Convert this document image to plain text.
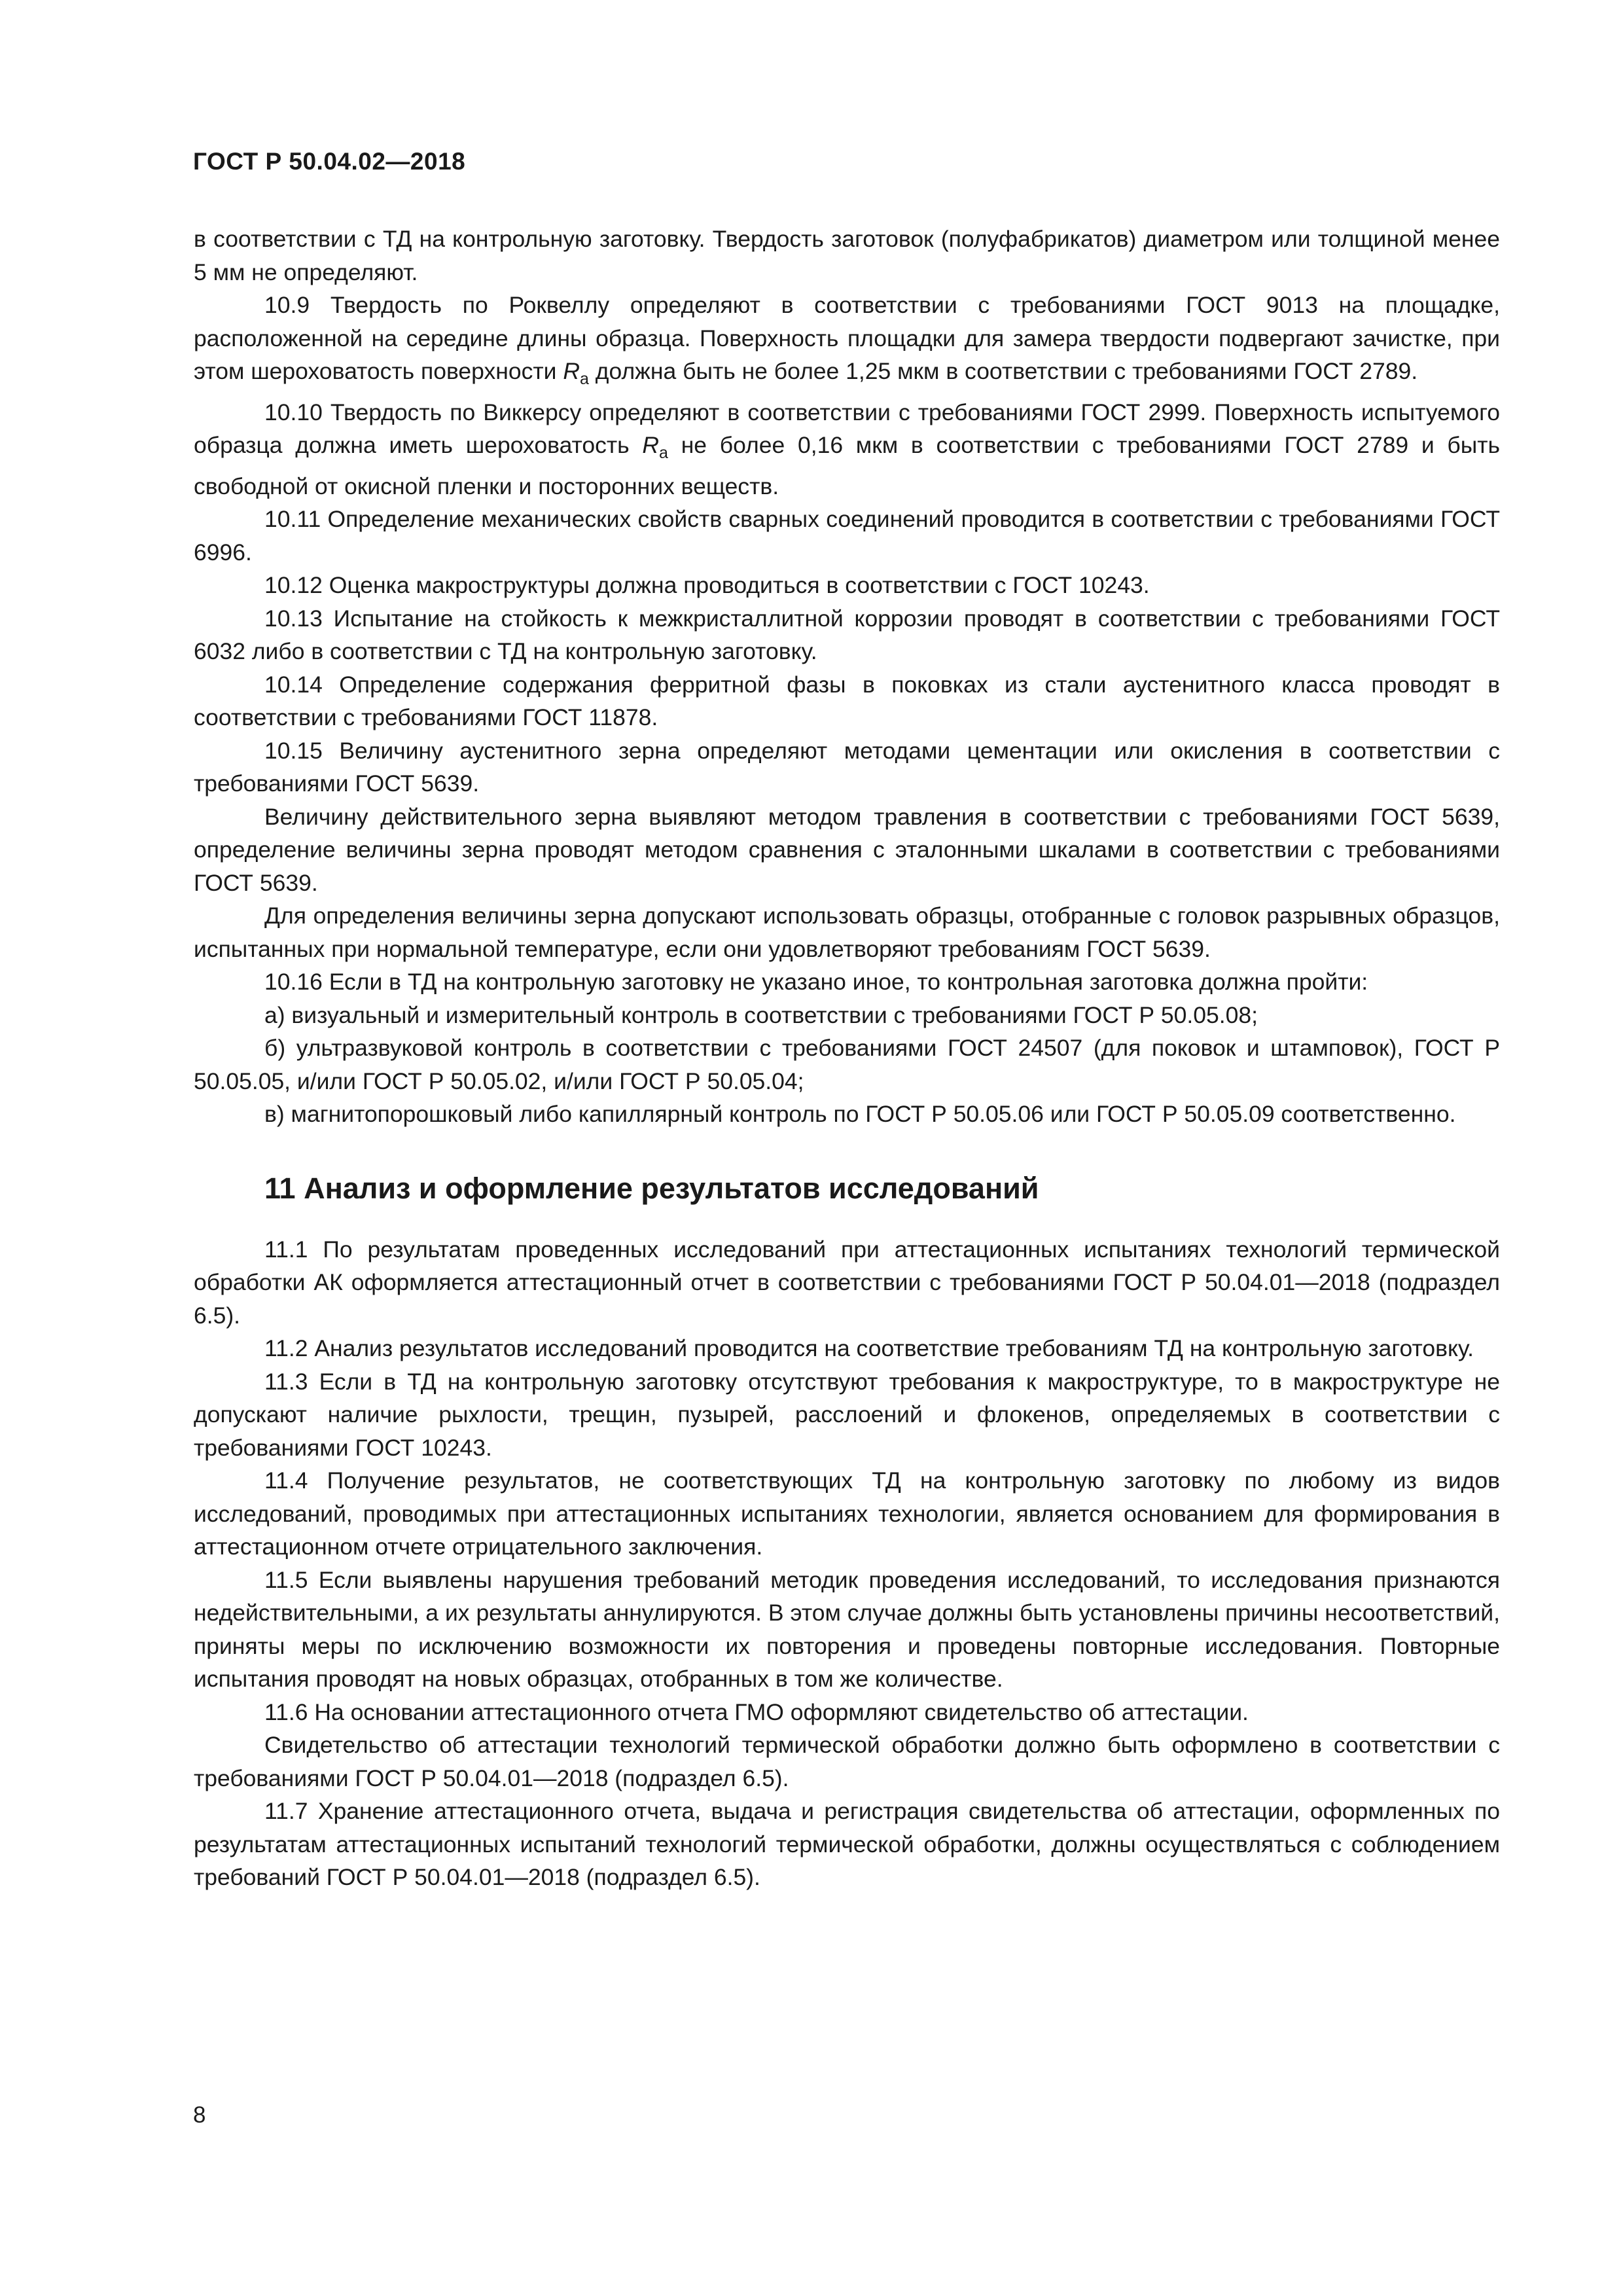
ГОСТ Р 50.04.02—2018

в соответствии с ТД на контрольную заготовку. Твердость заготовок (полуфабрикатов) диаметром или толщиной менее 5 мм не определяют.

10.9 Твердость по Роквеллу определяют в соответствии с требованиями ГОСТ 9013 на площадке, расположенной на середине длины образца. Поверхность площадки для замера твердости подвергают зачистке, при этом шероховатость поверхности $R_a$ должна быть не более 1,25 мкм в соответствии с требованиями ГОСТ 2789.

10.10 Твердость по Виккерсу определяют в соответствии с требованиями ГОСТ 2999. Поверхность испытуемого образца должна иметь шероховатость $R_a$ не более 0,16 мкм в соответствии с требованиями ГОСТ 2789 и быть свободной от окисной пленки и посторонних веществ.

10.11 Определение механических свойств сварных соединений проводится в соответствии с требованиями ГОСТ 6996.

10.12 Оценка макроструктуры должна проводиться в соответствии с ГОСТ 10243.

10.13 Испытание на стойкость к межкристаллитной коррозии проводят в соответствии с требованиями ГОСТ 6032 либо в соответствии с ТД на контрольную заготовку.

10.14 Определение содержания ферритной фазы в поковках из стали аустенитного класса проводят в соответствии с требованиями ГОСТ 11878.

10.15 Величину аустенитного зерна определяют методами цементации или окисления в соответствии с требованиями ГОСТ 5639.

Величину действительного зерна выявляют методом травления в соответствии с требованиями ГОСТ 5639, определение величины зерна проводят методом сравнения с эталонными шкалами в соответствии с требованиями ГОСТ 5639.

Для определения величины зерна допускают использовать образцы, отобранные с головок разрывных образцов, испытанных при нормальной температуре, если они удовлетворяют требованиям ГОСТ 5639.

10.16 Если в ТД на контрольную заготовку не указано иное, то контрольная заготовка должна пройти:

а) визуальный и измерительный контроль в соответствии с требованиями ГОСТ Р 50.05.08;

б) ультразвуковой контроль в соответствии с требованиями ГОСТ 24507 (для поковок и штамповок), ГОСТ Р 50.05.05, и/или ГОСТ Р 50.05.02, и/или ГОСТ Р 50.05.04;

в) магнитопорошковый либо капиллярный контроль по ГОСТ Р 50.05.06 или ГОСТ Р 50.05.09 соответственно.

11 Анализ и оформление результатов исследований

11.1 По результатам проведенных исследований при аттестационных испытаниях технологий термической обработки АК оформляется аттестационный отчет в соответствии с требованиями ГОСТ Р 50.04.01—2018 (подраздел 6.5).

11.2 Анализ результатов исследований проводится на соответствие требованиям ТД на контрольную заготовку.

11.3 Если в ТД на контрольную заготовку отсутствуют требования к макроструктуре, то в макроструктуре не допускают наличие рыхлости, трещин, пузырей, расслоений и флокенов, определяемых в соответствии с требованиями ГОСТ 10243.

11.4 Получение результатов, не соответствующих ТД на контрольную заготовку по любому из видов исследований, проводимых при аттестационных испытаниях технологии, является основанием для формирования в аттестационном отчете отрицательного заключения.

11.5 Если выявлены нарушения требований методик проведения исследований, то исследования признаются недействительными, а их результаты аннулируются. В этом случае должны быть установлены причины несоответствий, приняты меры по исключению возможности их повторения и проведены повторные исследования. Повторные испытания проводят на новых образцах, отобранных в том же количестве.

11.6 На основании аттестационного отчета ГМО оформляют свидетельство об аттестации.

Свидетельство об аттестации технологий термической обработки должно быть оформлено в соответствии с требованиями ГОСТ Р 50.04.01—2018 (подраздел 6.5).

11.7 Хранение аттестационного отчета, выдача и регистрация свидетельства об аттестации, оформленных по результатам аттестационных испытаний технологий термической обработки, должны осуществляться с соблюдением требований ГОСТ Р 50.04.01—2018 (подраздел 6.5).

8
